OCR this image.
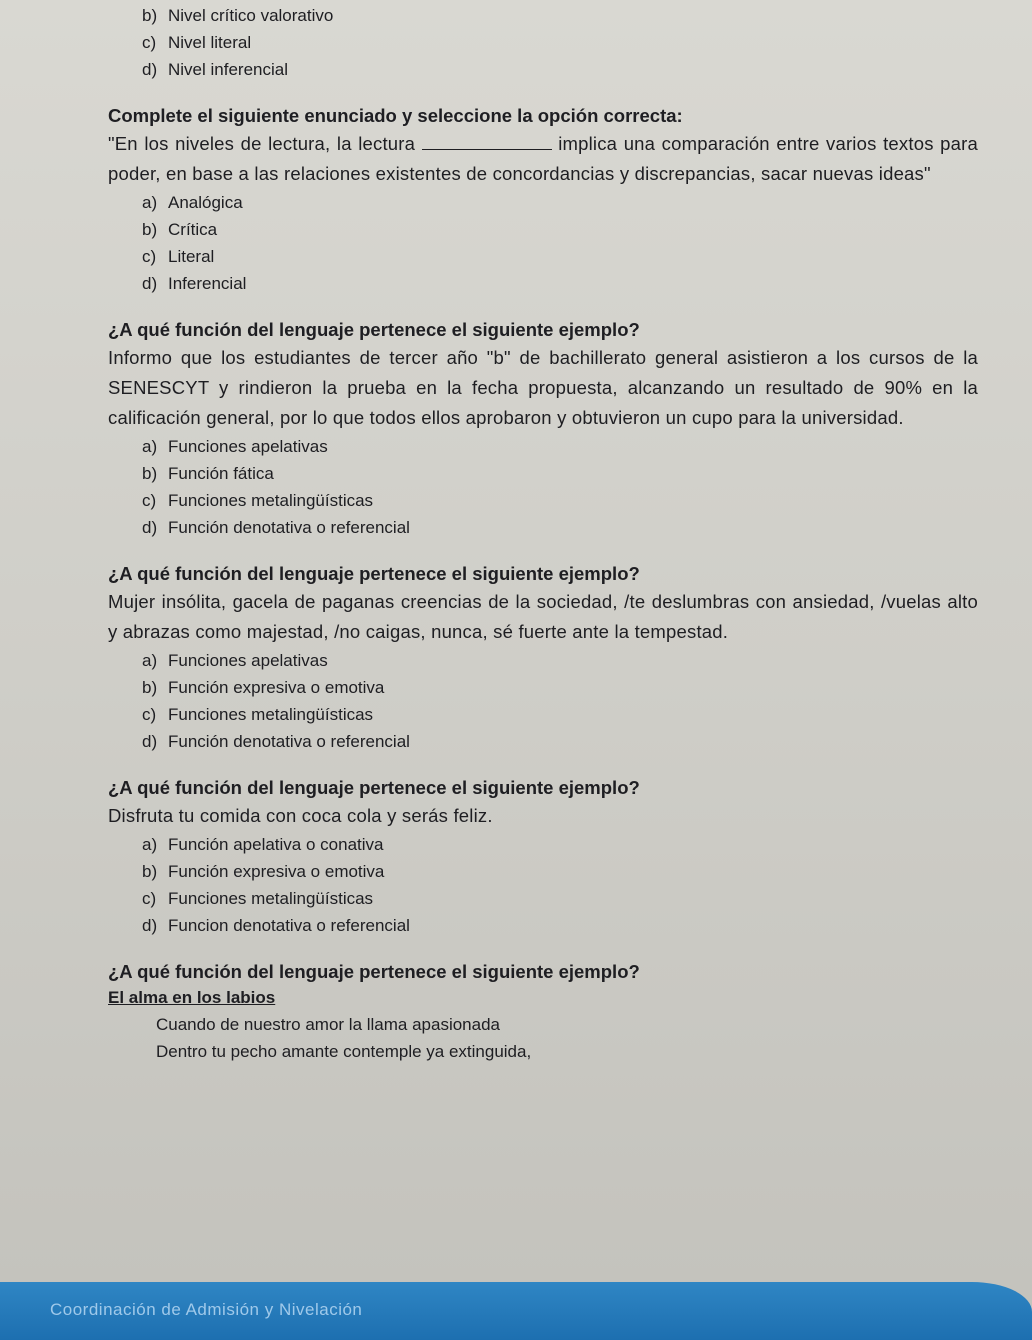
b) Nivel crítico valorativo
c) Nivel literal
d) Nivel inferencial
Complete el siguiente enunciado y seleccione la opción correcta:
"En los niveles de lectura, la lectura	implica una comparación entre varios textos para poder, en base a las relaciones existentes de concordancias y discrepancias, sacar nuevas ideas"
a) Analógica
b) Crítica
c) Literal
d) Inferencial
¿A qué función del lenguaje pertenece el siguiente ejemplo?
Informo que los estudiantes de tercer año "b" de bachillerato general asistieron a los cursos de la SENESCYT y rindieron la prueba en la fecha propuesta, alcanzando un resultado de 90% en la calificación general, por lo que todos ellos aprobaron y obtuvieron un cupo para la universidad.
a) Funciones apelativas
b) Función fática
c) Funciones metalingüísticas
d) Función denotativa o referencial
¿A qué función del lenguaje pertenece el siguiente ejemplo?
Mujer insólita, gacela de paganas creencias de la sociedad, /te deslumbras con ansiedad, /vuelas alto y abrazas como majestad, /no caigas, nunca, sé fuerte ante la tempestad.
a) Funciones apelativas
b) Función expresiva o emotiva
c) Funciones metalingüísticas
d) Función denotativa o referencial
¿A qué función del lenguaje pertenece el siguiente ejemplo?
Disfruta tu comida con coca cola y serás feliz.
a) Función apelativa o conativa
b) Función expresiva o emotiva
c) Funciones metalingüísticas
d) Funcion denotativa o referencial
¿A qué función del lenguaje pertenece el siguiente ejemplo?
El alma en los labios
Cuando de nuestro amor la llama apasionada
Dentro tu pecho amante contemple ya extinguida,
Coordinación de Admisión y Nivelación
